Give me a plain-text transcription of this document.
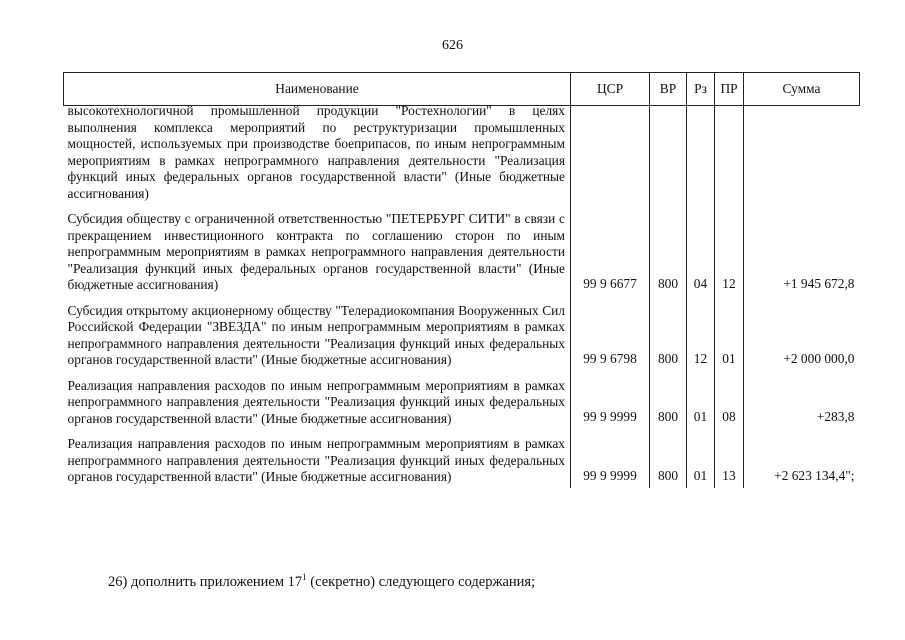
626
Наименование	ЦСР	ВР	Рз	ПР	Сумма

высокотехнологичной промышленной продукции "Ростехнологии" в целях выполнения комплекса мероприятий по реструктуризации промышленных мощностей, используемых при производстве боеприпасов, по иным непрограммным мероприятиям в рамках непрограммного направления деятельности "Реализация функций иных федеральных органов государственной власти" (Иные бюджетные ассигнования)					

Субсидия обществу с ограниченной ответственностью "ПЕТЕРБУРГ СИТИ" в связи с прекращением инвестиционного контракта по соглашению сторон по иным непрограммным мероприятиям в рамках непрограммного направления деятельности "Реализация функций иных федеральных органов государственной власти" (Иные бюджетные ассигнования)	99 9 6677	800	04	12	+1 945 672,8

Субсидия открытому акционерному обществу "Телерадиокомпания Вооруженных Сил Российской Федерации "ЗВЕЗДА" по иным непрограммным мероприятиям в рамках непрограммного направления деятельности "Реализация функций иных федеральных органов государственной власти" (Иные бюджетные ассигнования)	99 9 6798	800	12	01	+2 000 000,0

Реализация направления расходов по иным непрограммным мероприятиям в рамках непрограммного направления деятельности "Реализация функций иных федеральных органов государственной власти" (Иные бюджетные ассигнования)	99 9 9999	800	01	08	+283,8

Реализация направления расходов по иным непрограммным мероприятиям в рамках непрограммного направления деятельности "Реализация функций иных федеральных органов государственной власти" (Иные бюджетные ассигнования)	99 9 9999	800	01	13	+2 623 134,4";
26) дополнить приложением $17^1$ (секретно) следующего содержания;
